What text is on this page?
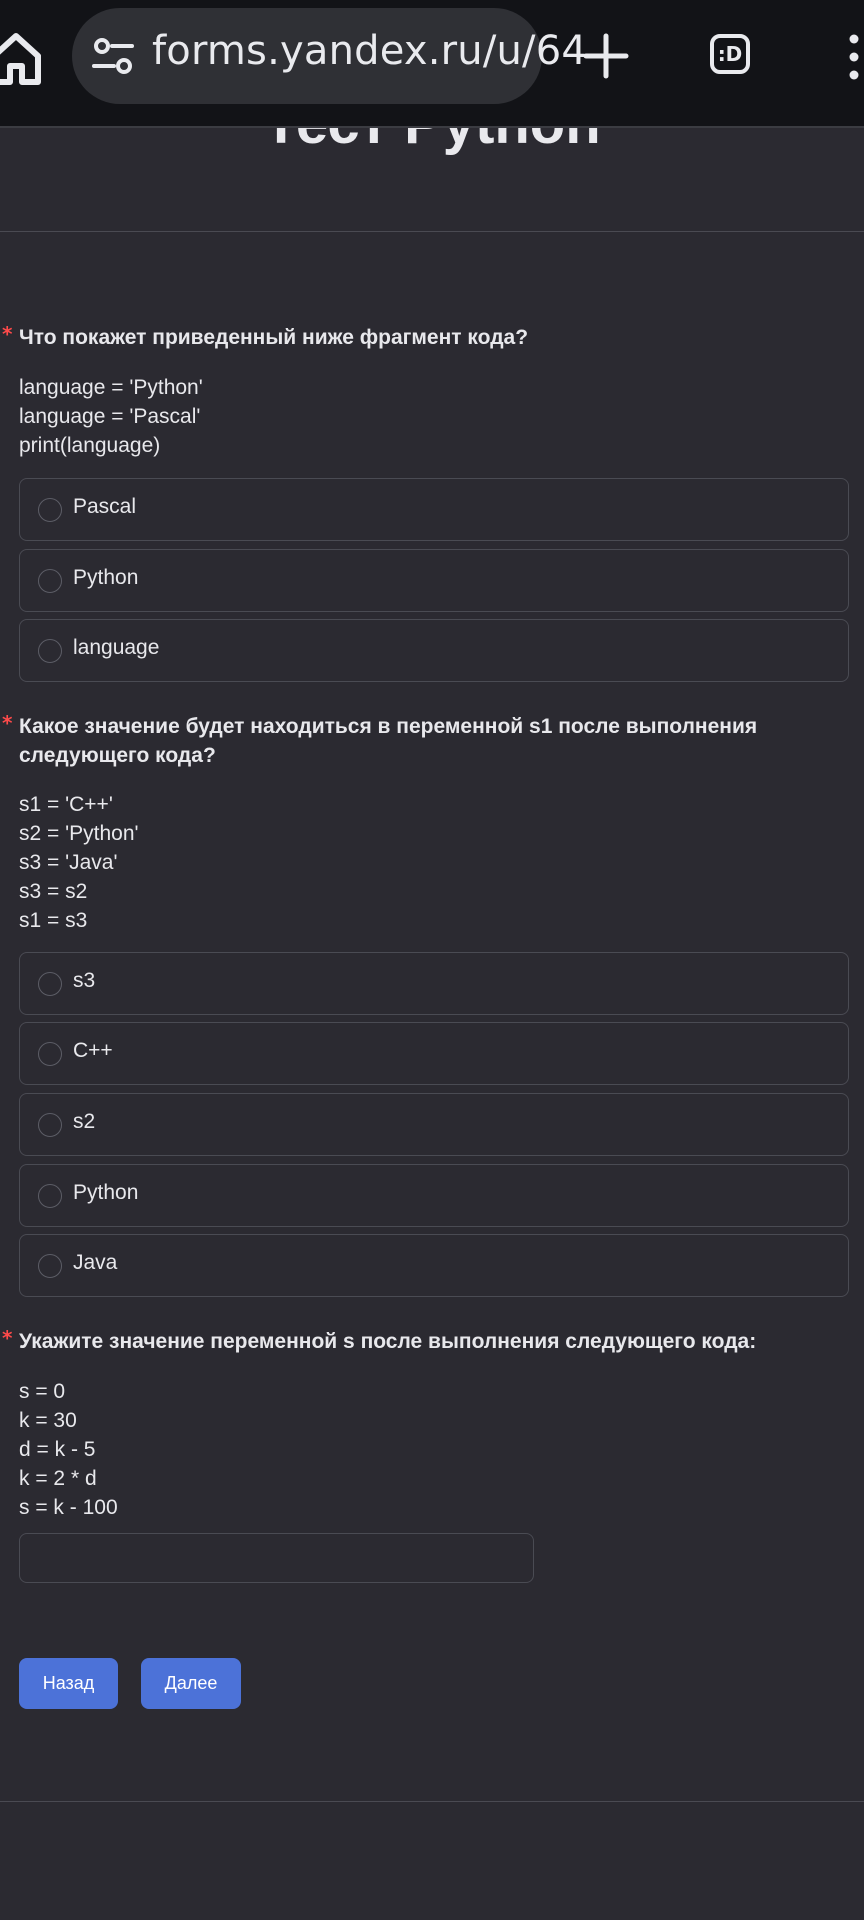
forms.yandex.ru/u/64	:D
* Что покажет приведенный ниже фрагмент кода?
language = 'Python'
language = 'Pascal'
print(language)
Pascal
Python
language
* Какое значение будет находиться в переменной s1 после выполнения
следующего кода?
s1 = 'C++'
s2 = 'Python'
s3 = 'Java'
s3 = s2
s1 = s3
s3
C++
s2
Python
Java
* Укажите значение переменной s после выполнения следующего кода:
s = 0
k = 30
d = k - 5
k = 2 * d
s = k - 100
Назад	Далее
